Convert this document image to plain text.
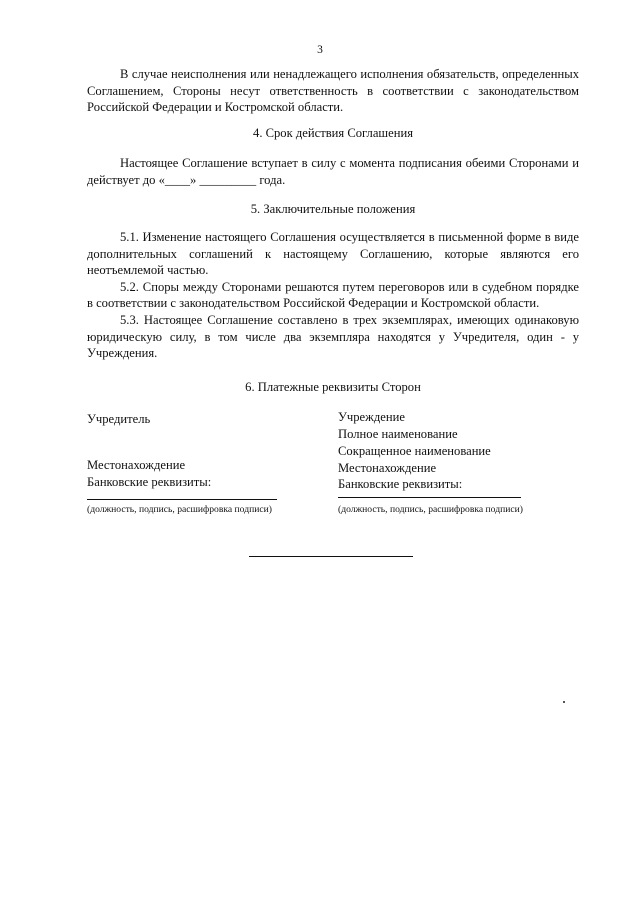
3

В случае неисполнения или ненадлежащего исполнения обязательств, определенных Соглашением, Стороны несут ответственность в соответствии с законодательством Российской Федерации и Костромской области.

4. Срок действия Соглашения

Настоящее Соглашение вступает в силу с момента подписания обеими Сторонами и действует до «____» _________ года.

5. Заключительные положения

5.1. Изменение настоящего Соглашения осуществляется в письменной форме в виде дополнительных соглашений к настоящему Соглашению, которые являются его неотъемлемой частью.

5.2. Споры между Сторонами решаются путем переговоров или в судебном порядке в соответствии с законодательством Российской Федерации и Костромской области.

5.3. Настоящее Соглашение составлено в трех экземплярах, имеющих одинаковую юридическую силу, в том числе два экземпляра находятся у Учредителя, один - у Учреждения.

6. Платежные реквизиты Сторон

Учредитель

Местонахождение

Банковские реквизиты:

(должность, подпись, расшифровка подписи)

Учреждение

Полное наименование

Сокращенное наименование

Местонахождение

Банковские реквизиты:

(должность, подпись, расшифровка подписи)
